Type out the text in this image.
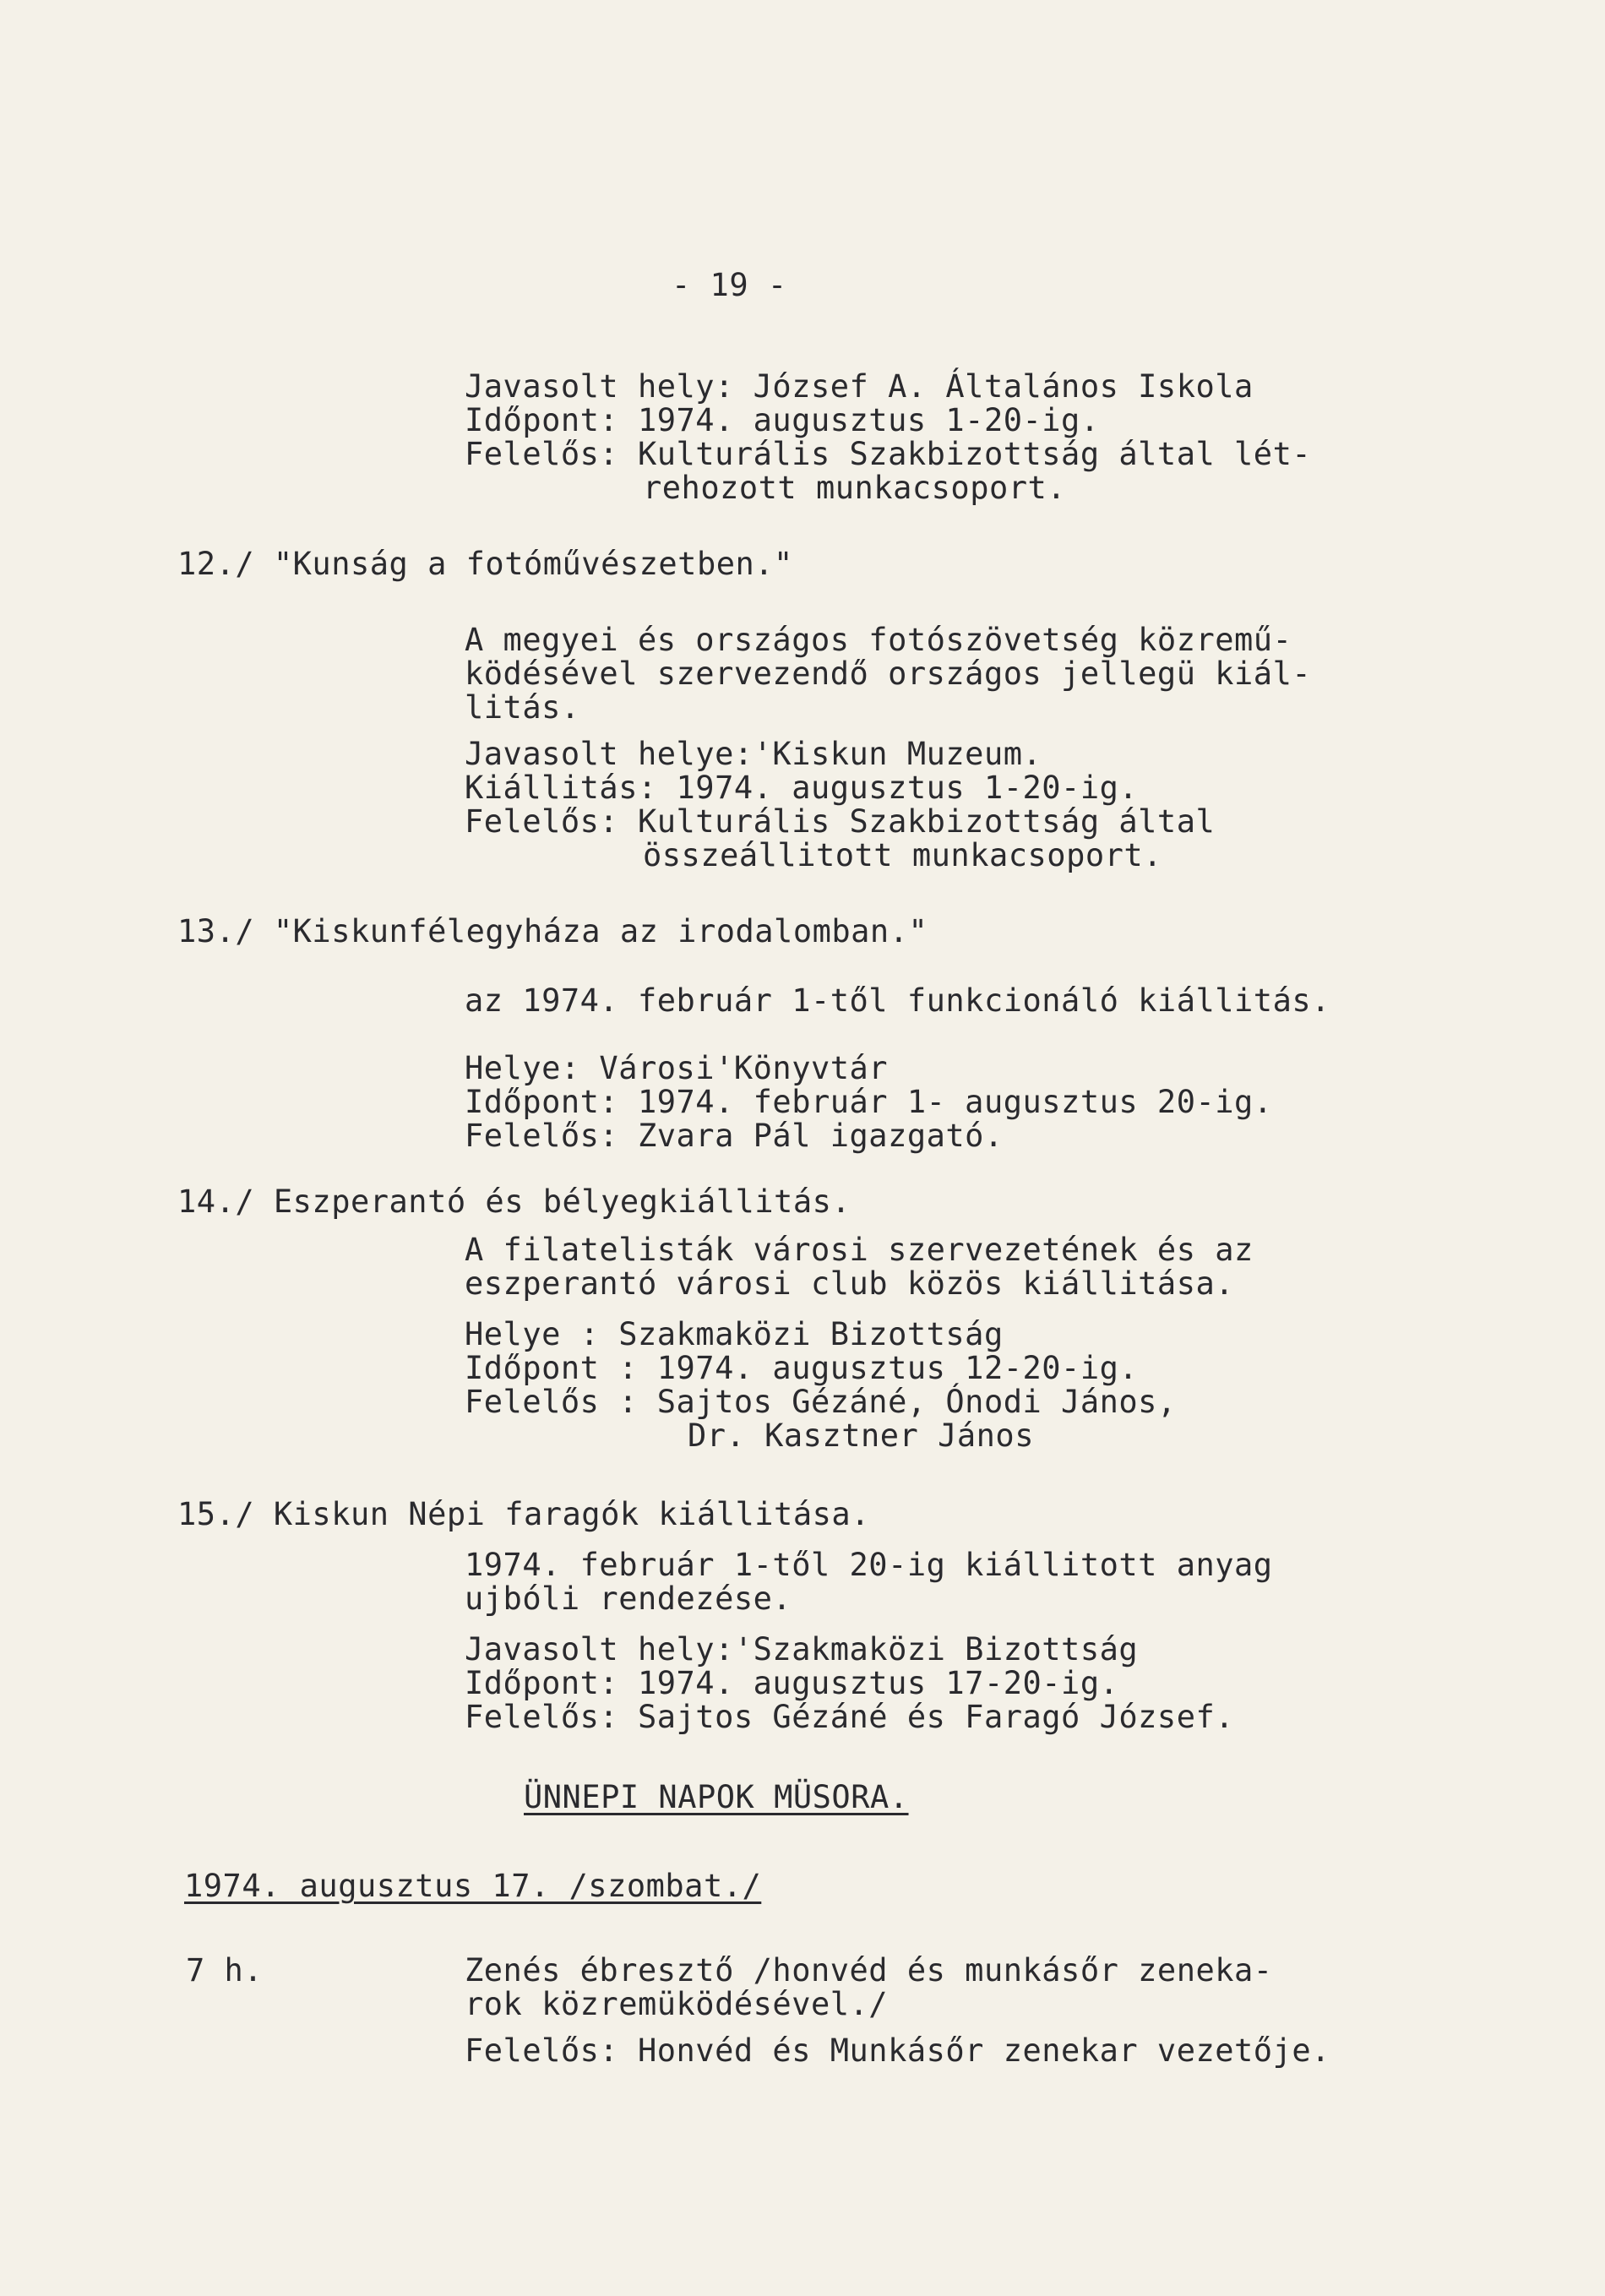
- 19 -
Javasolt hely: József A. Általános Iskola
Időpont: 1974. augusztus 1-20-ig.
Felelős: Kulturális Szakbizottság által lét-
rehozott munkacsoport.
12./ "Kunság a fotóművészetben."
A megyei és országos fotószövetség közremű-
ködésével szervezendő országos jellegü kiál-
litás.
Javasolt helye:'Kiskun Muzeum.
Kiállitás: 1974. augusztus 1-20-ig.
Felelős: Kulturális Szakbizottság által
összeállitott munkacsoport.
13./ "Kiskunfélegyháza az irodalomban."
az 1974. február 1-től funkcionáló kiállitás.
Helye: Városi'Könyvtár
Időpont: 1974. február 1- augusztus 20-ig.
Felelős: Zvara Pál igazgató.
14./ Eszperantó és bélyegkiállitás.
A filatelisták városi szervezetének és az
eszperantó városi club közös kiállitása.
Helye : Szakmaközi Bizottság
Időpont : 1974. augusztus 12-20-ig.
Felelős : Sajtos Gézáné, Ónodi János,
Dr. Kasztner János
15./ Kiskun Népi faragók kiállitása.
1974. február 1-től 20-ig kiállitott anyag
ujbóli rendezése.
Javasolt hely:'Szakmaközi Bizottság
Időpont: 1974. augusztus 17-20-ig.
Felelős: Sajtos Gézáné és Faragó József.
ÜNNEPI NAPOK MÜSORA.
1974. augusztus 17. /szombat./
7 h.	Zenés ébresztő /honvéd és munkásőr zeneka-
rok közremüködésével./
Felelős: Honvéd és Munkásőr zenekar vezetője.
